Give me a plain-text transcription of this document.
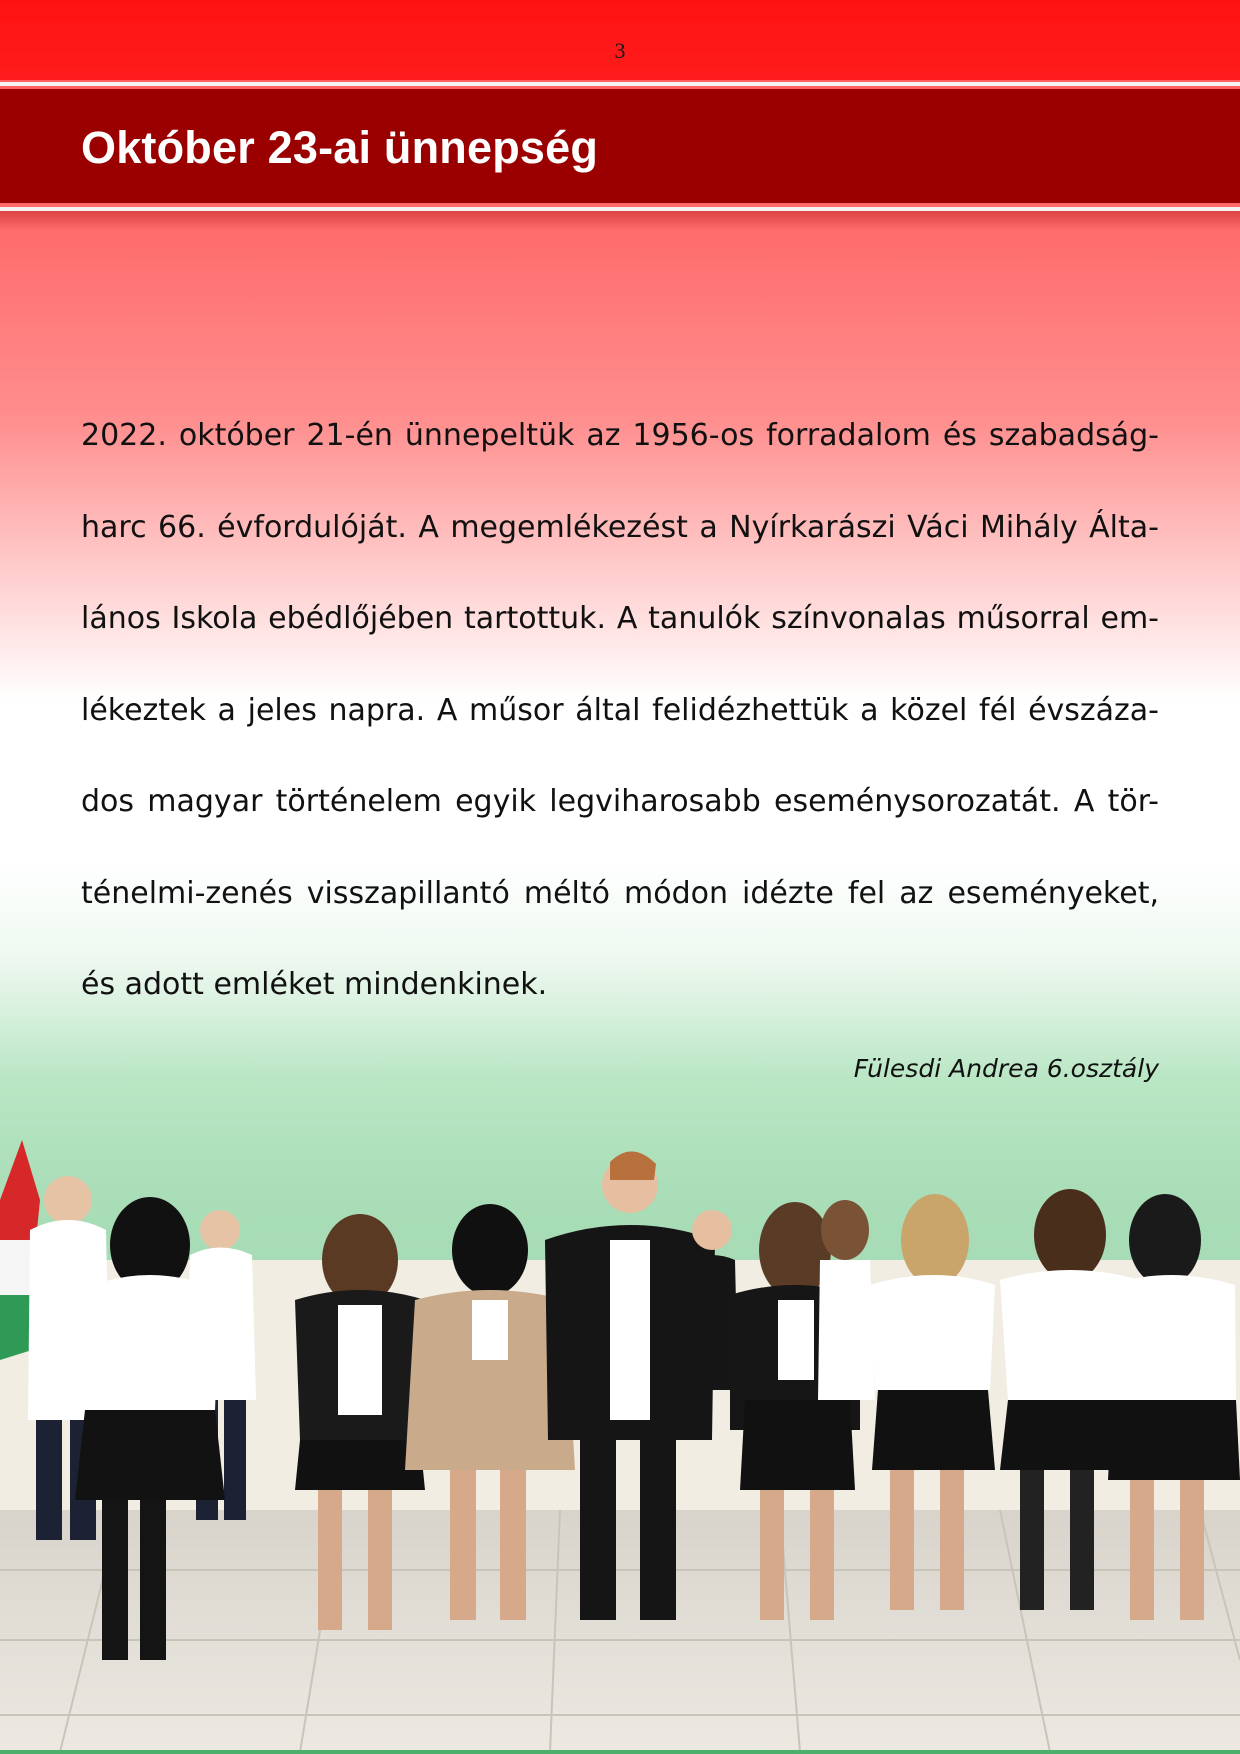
3
Október 23-ai ünnepség

2022. október 21-én ünnepeltük az 1956-os forradalom és szabadság-harc 66. évfordulóját. A megemlékezést a Nyírkarászi Váci Mihály Álta-lános Iskola ebédlőjében tartottuk. A tanulók színvonalas műsorral em-lékeztek a jeles napra. A műsor által felidézhettük a közel fél évszáza-dos magyar történelem egyik legviharosabb eseménysorozatát. A tör-ténelmi-zenés visszapillantó méltó módon idézte fel az eseményeket, és adott emléket mindenkinek.

Fülesdi Andrea 6.osztály
